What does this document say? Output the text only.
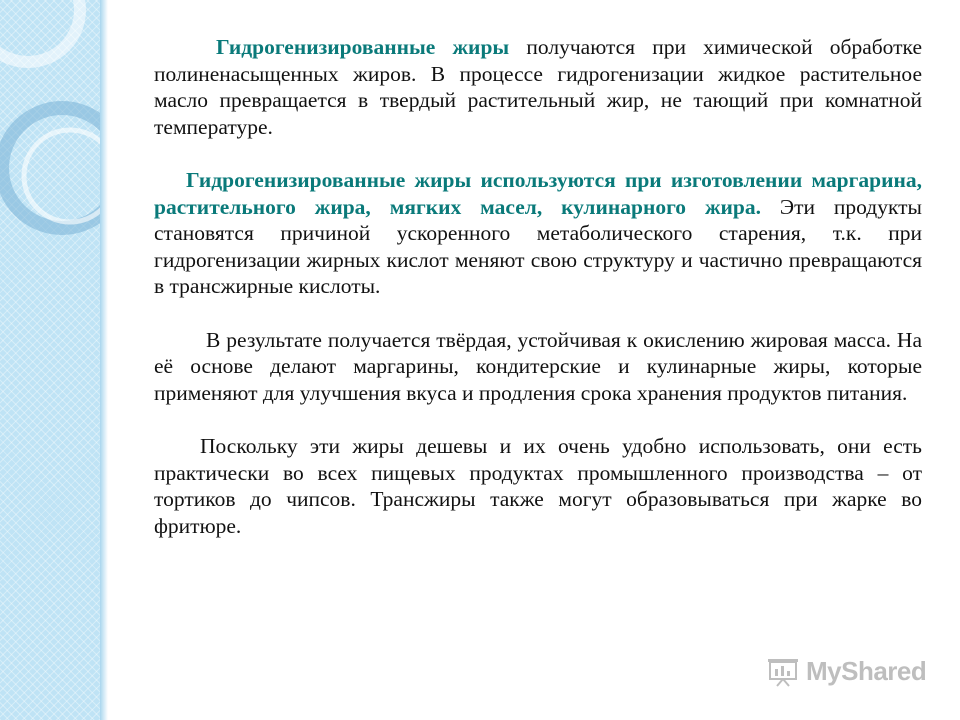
Гидрогенизированные жиры получаются при химической обработке полиненасыщенных жиров. В процессе гидрогенизации жидкое растительное масло превращается в твердый растительный жир, не тающий при комнатной температуре.

Гидрогенизированные жиры используются при изготовлении маргарина, растительного жира, мягких масел, кулинарного жира. Эти продукты становятся причиной ускоренного метаболического старения, т.к. при гидрогенизации жирных кислот меняют свою структуру и частично превращаются в трансжирные кислоты.

В результате получается твёрдая, устойчивая к окислению жировая масса. На её основе делают маргарины, кондитерские и кулинарные жиры, которые применяют для улучшения вкуса и продления срока хранения продуктов питания.

Поскольку эти жиры дешевы и их очень удобно использовать, они есть практически во всех пищевых продуктах промышленного производства – от тортиков до чипсов. Трансжиры также могут образовываться при жарке во фритюре.

MyShared
